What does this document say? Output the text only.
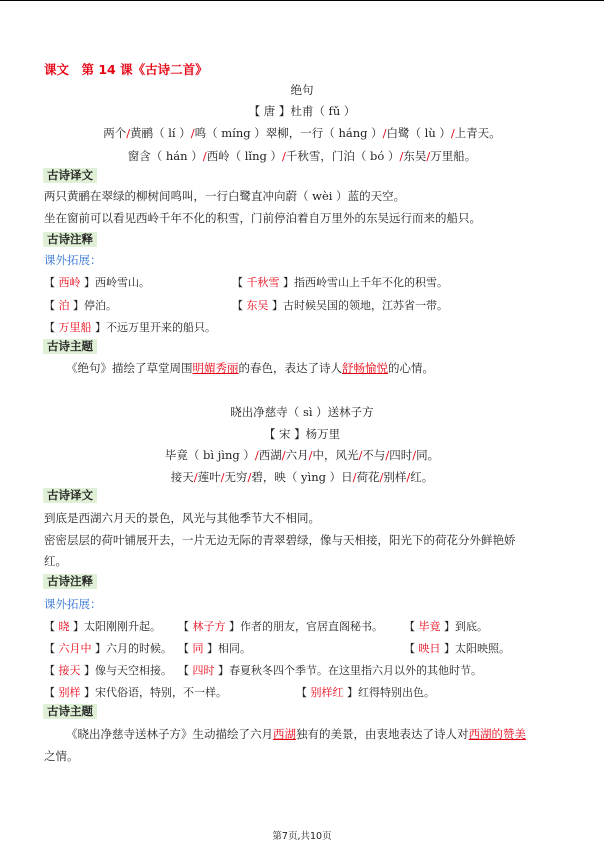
课文　第 14 课《古诗二首》
绝句
【 唐 】杜甫（ fǔ ）
两个/黄鹂（ lí ）/鸣（ míng ）翠柳，一行（ háng ）/白鹭（ lù ）/上青天。
窗含（ hán ）/西岭（ lǐng ）/千秋雪，门泊（ bó ）/东吴/万里船。
古诗译文
两只黄鹂在翠绿的柳树间鸣叫，一行白鹭直冲向蔚（ wèi ）蓝的天空。
坐在窗前可以看见西岭千年不化的积雪，门前停泊着自万里外的东吴远行而来的船只。
古诗注释
课外拓展：
【 西岭 】西岭雪山。	【 千秋雪 】指西岭雪山上千年不化的积雪。
【 泊 】停泊。	【 东吴 】古时候吴国的领地，江苏省一带。
【 万里船 】不远万里开来的船只。
古诗主题
《绝句》描绘了草堂周围明媚秀丽的春色，表达了诗人舒畅愉悦的心情。
晓出净慈寺（ sì ）送林子方
【 宋 】杨万里
毕竟（ bì jìng ）/西湖/六月/中，风光/不与/四时/同。
接天/莲叶/无穷/碧，映（ yìng ）日/荷花/别样/红。
古诗译文
到底是西湖六月天的景色，风光与其他季节大不相同。
密密层层的荷叶铺展开去，一片无边无际的青翠碧绿，像与天相接，阳光下的荷花分外鲜艳娇
红。
古诗注释
课外拓展：
【 晓 】太阳刚刚升起。 【 林子方 】作者的朋友，官居直阁秘书。 【 毕竟 】到底。
【 六月中 】六月的时候。 【 同 】相同。	【 映日 】太阳映照。
【 接天 】像与天空相接。 【 四时 】春夏秋冬四个季节。在这里指六月以外的其他时节。
【 别样 】宋代俗语，特别，不一样。	【 别样红 】红得特别出色。
古诗主题
《晓出净慈寺送林子方》生动描绘了六月西湖独有的美景，由衷地表达了诗人对西湖的赞美
之情。
第7页,共10页
